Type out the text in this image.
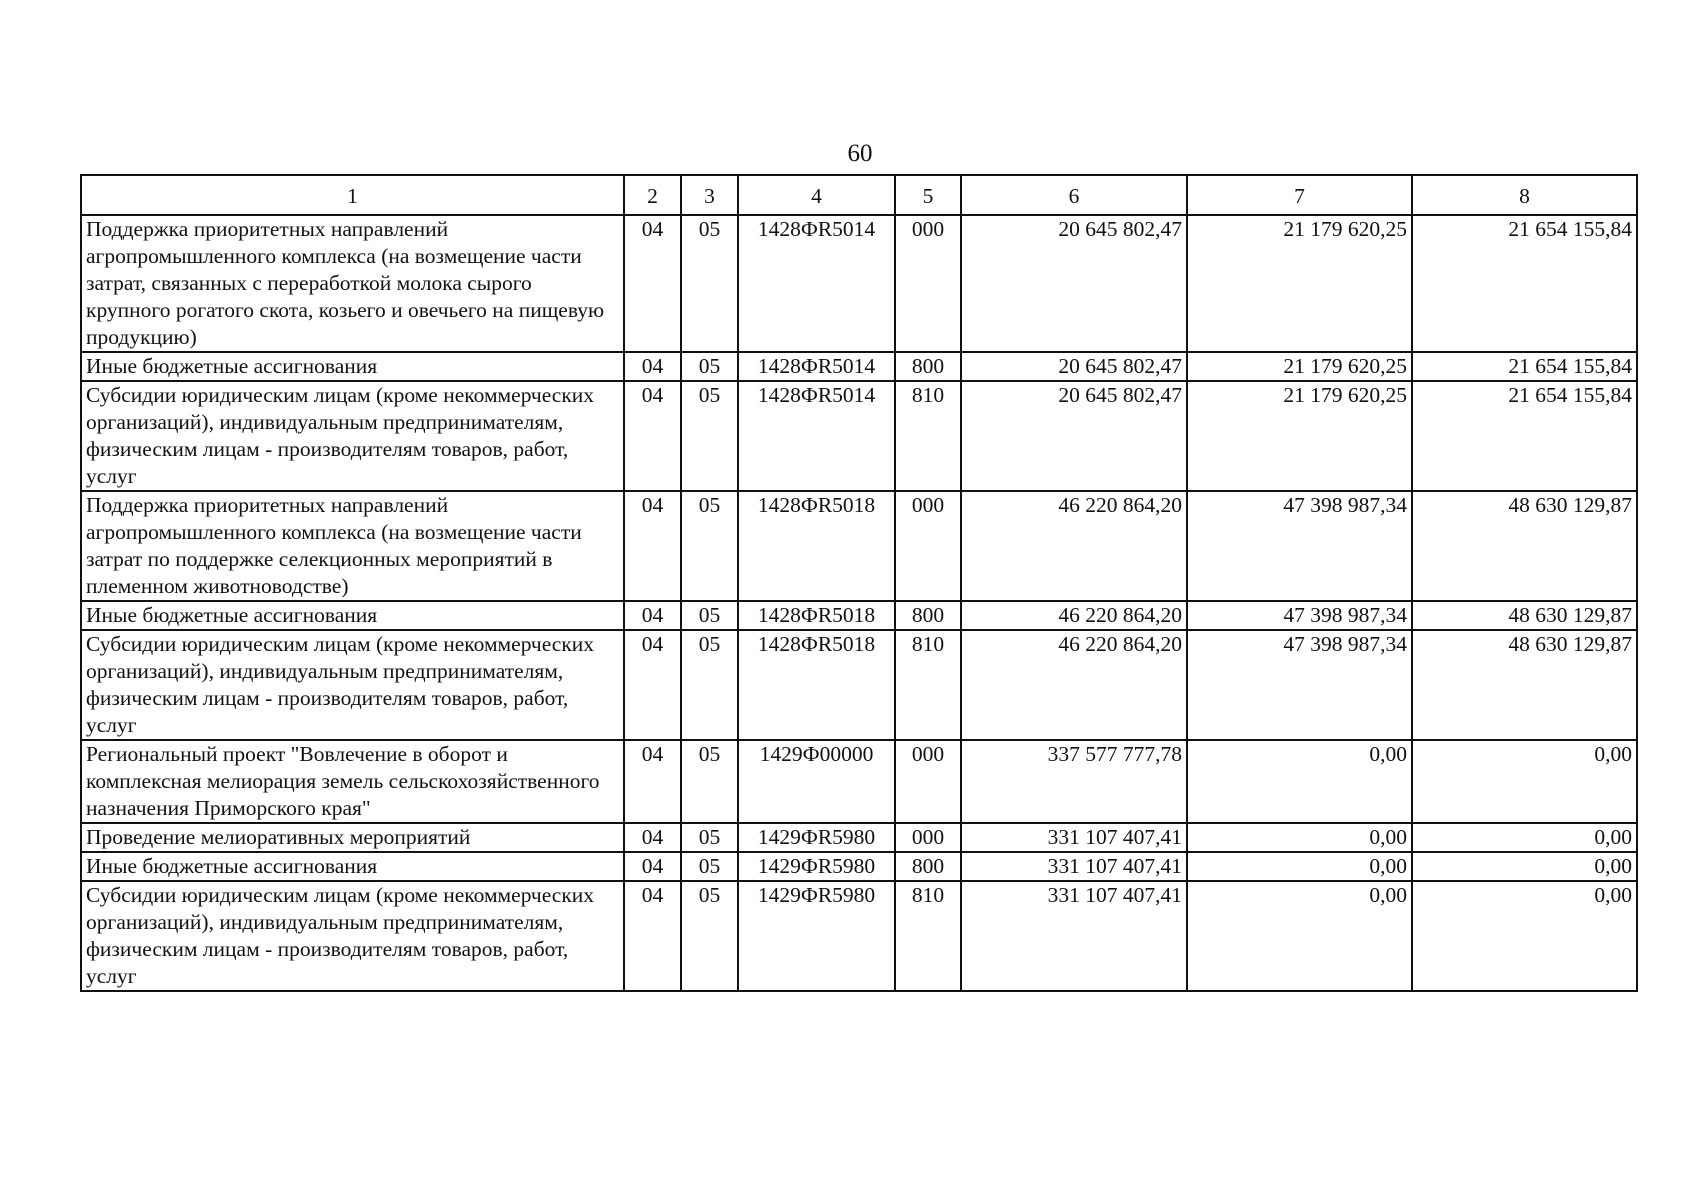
60
1	2	3	4	5	6	7	8
Поддержка приоритетных направлений агропромышленного комплекса (на возмещение части затрат, связанных с переработкой молока сырого крупного рогатого скота, козьего и овечьего на пищевую продукцию)	04	05	1428ФR5014	000	20 645 802,47	21 179 620,25	21 654 155,84
Иные бюджетные ассигнования	04	05	1428ФR5014	800	20 645 802,47	21 179 620,25	21 654 155,84
Субсидии юридическим лицам (кроме некоммерческих организаций), индивидуальным предпринимателям, физическим лицам - производителям товаров, работ, услуг	04	05	1428ФR5014	810	20 645 802,47	21 179 620,25	21 654 155,84
Поддержка приоритетных направлений агропромышленного комплекса (на возмещение части затрат по поддержке селекционных мероприятий в племенном животноводстве)	04	05	1428ФR5018	000	46 220 864,20	47 398 987,34	48 630 129,87
Иные бюджетные ассигнования	04	05	1428ФR5018	800	46 220 864,20	47 398 987,34	48 630 129,87
Субсидии юридическим лицам (кроме некоммерческих организаций), индивидуальным предпринимателям, физическим лицам - производителям товаров, работ, услуг	04	05	1428ФR5018	810	46 220 864,20	47 398 987,34	48 630 129,87
Региональный проект "Вовлечение в оборот и комплексная мелиорация земель сельскохозяйственного назначения Приморского края"	04	05	1429Ф00000	000	337 577 777,78	0,00	0,00
Проведение мелиоративных мероприятий	04	05	1429ФR5980	000	331 107 407,41	0,00	0,00
Иные бюджетные ассигнования	04	05	1429ФR5980	800	331 107 407,41	0,00	0,00
Субсидии юридическим лицам (кроме некоммерческих организаций), индивидуальным предпринимателям, физическим лицам - производителям товаров, работ, услуг	04	05	1429ФR5980	810	331 107 407,41	0,00	0,00
